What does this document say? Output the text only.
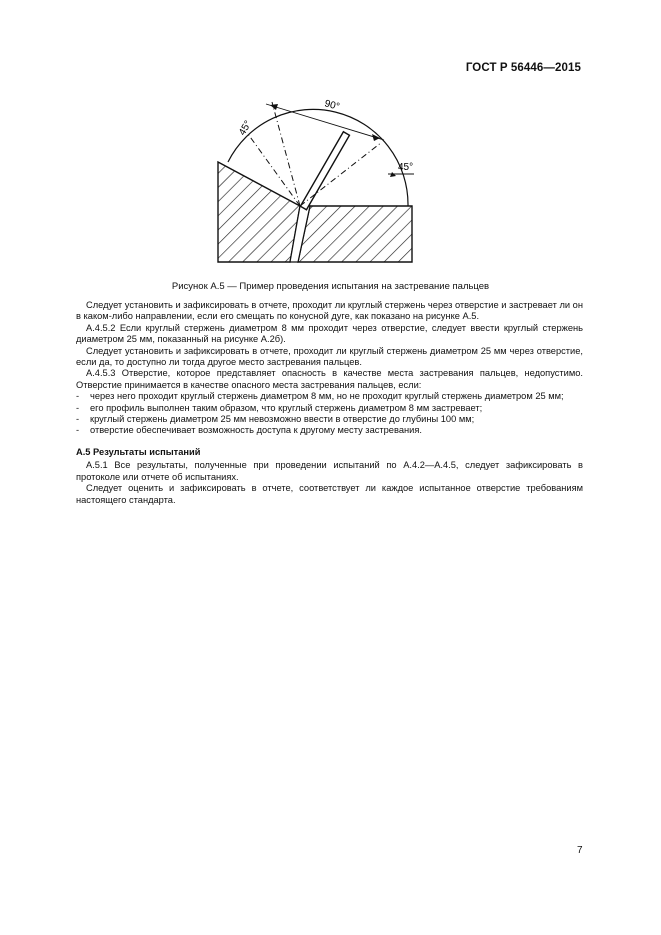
ГОСТ Р 56446—2015
45°
90°
45°
Рисунок А.5 — Пример проведения испытания на застревание пальцев

Следует установить и зафиксировать в отчете, проходит ли круглый стержень через отверстие и застревает ли он в каком-либо направлении, если его смещать по конусной дуге, как показано на рисунке А.5.

А.4.5.2 Если круглый стержень диаметром 8 мм проходит через отверстие, следует ввести круглый стержень диаметром 25 мм, показанный на рисунке А.2б).

Следует установить и зафиксировать в отчете, проходит ли круглый стержень диаметром 25 мм через отверстие, если да, то доступно ли тогда другое место застревания пальцев.

А.4.5.3 Отверстие, которое представляет опасность в качестве места застревания пальцев, недопустимо. Отверстие принимается в качестве опасного места застревания пальцев, если:

- через него проходит круглый стержень диаметром 8 мм, но не проходит круглый стержень диаметром 25 мм;
- его профиль выполнен таким образом, что круглый стержень диаметром 8 мм застревает;
- круглый стержень диаметром 25 мм невозможно ввести в отверстие до глубины 100 мм;
- отверстие обеспечивает возможность доступа к другому месту застревания.
А.5 Результаты испытаний

А.5.1 Все результаты, полученные при проведении испытаний по А.4.2—А.4.5, следует зафиксировать в протоколе или отчете об испытаниях.

Следует оценить и зафиксировать в отчете, соответствует ли каждое испытанное отверстие требованиям настоящего стандарта.

7
